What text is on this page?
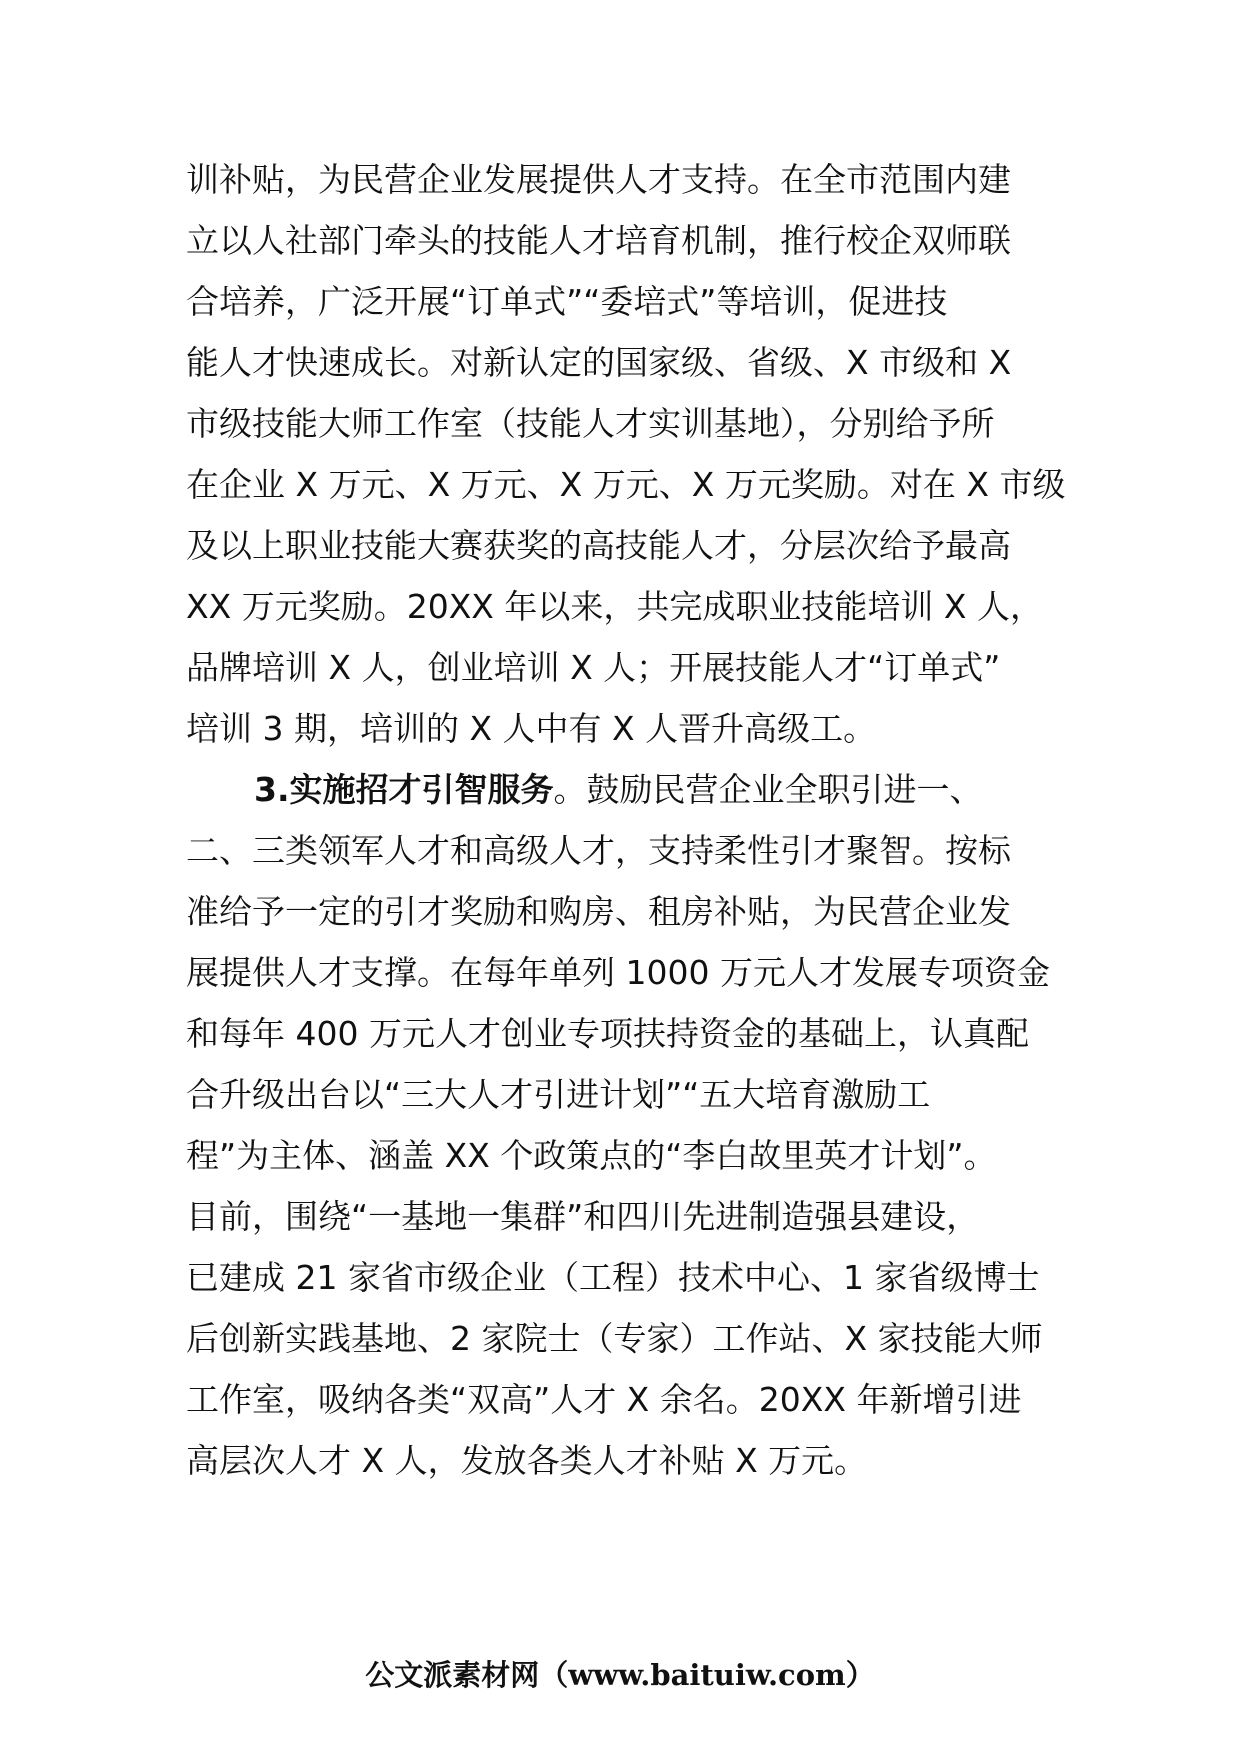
训补贴，为民营企业发展提供人才支持。在全市范围内建
立以人社部门牵头的技能人才培育机制，推行校企双师联
合培养，广泛开展“订单式”“委培式”等培训，促进技
能人才快速成长。对新认定的国家级、省级、X 市级和 X
市级技能大师工作室（技能人才实训基地），分别给予所
在企业 X 万元、X 万元、X 万元、X 万元奖励。对在 X 市级
及以上职业技能大赛获奖的高技能人才，分层次给予最高
XX 万元奖励。20XX 年以来，共完成职业技能培训 X 人，
品牌培训 X 人，创业培训 X 人；开展技能人才“订单式”
培训 3 期，培训的 X 人中有 X 人晋升高级工。
3.实施招才引智服务。鼓励民营企业全职引进一、
二、三类领军人才和高级人才，支持柔性引才聚智。按标
准给予一定的引才奖励和购房、租房补贴，为民营企业发
展提供人才支撑。在每年单列 1000 万元人才发展专项资金
和每年 400 万元人才创业专项扶持资金的基础上，认真配
合升级出台以“三大人才引进计划”“五大培育激励工
程”为主体、涵盖 XX 个政策点的“李白故里英才计划”。
目前，围绕“一基地一集群”和四川先进制造强县建设，
已建成 21 家省市级企业（工程）技术中心、1 家省级博士
后创新实践基地、2 家院士（专家）工作站、X 家技能大师
工作室，吸纳各类“双高”人才 X 余名。20XX 年新增引进
高层次人才 X 人，发放各类人才补贴 X 万元。
公文派素材网（www.baituiw.com）
